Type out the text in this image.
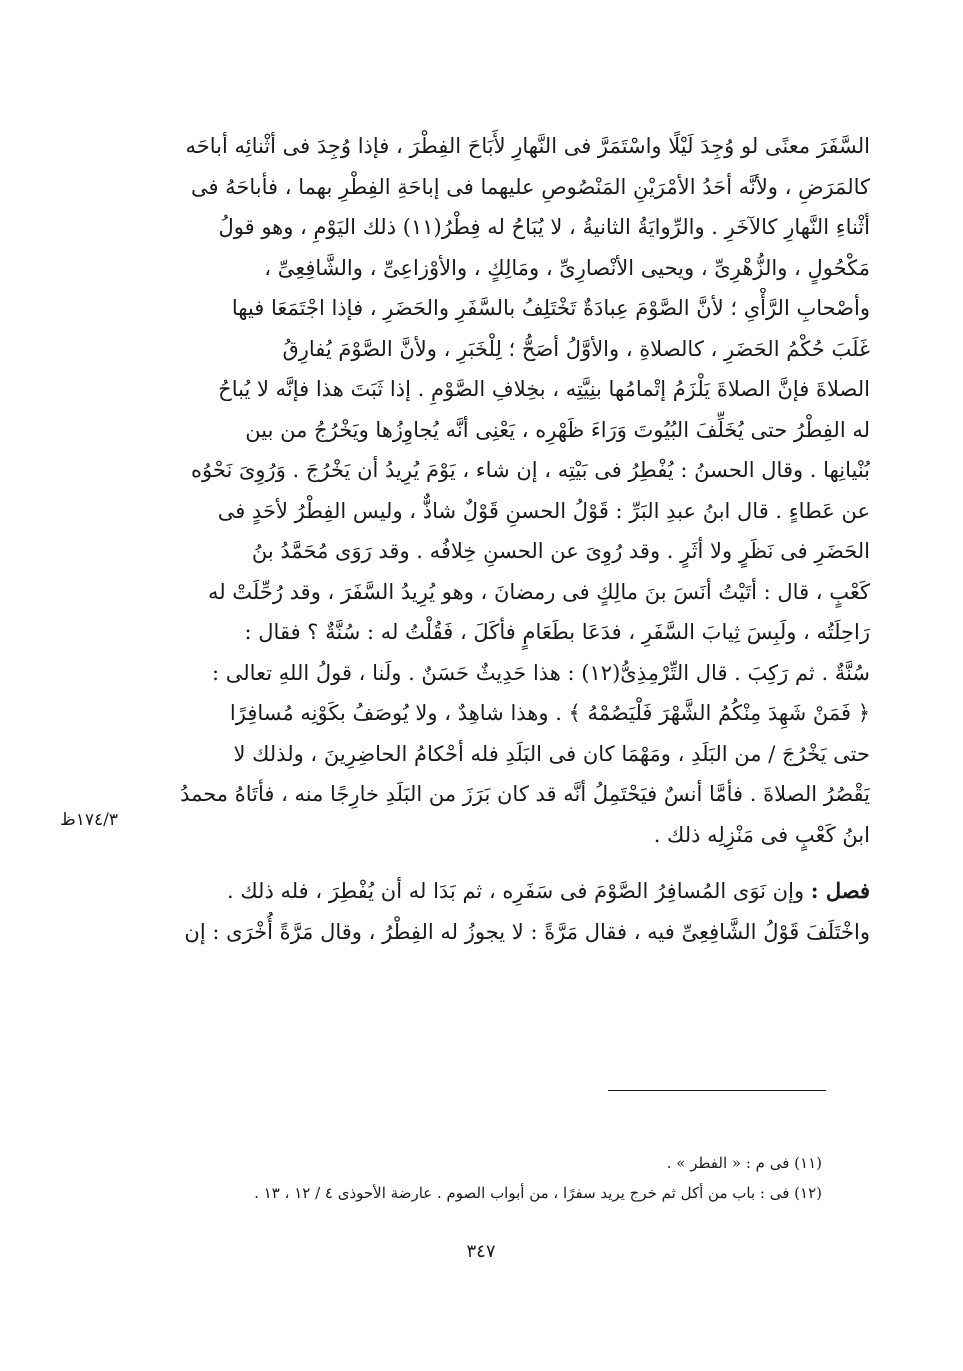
السَّفَرَ معنًى لو وُجِدَ لَيْلًا واسْتَمَرَّ فى النَّهارِ لأَبَاحَ الفِطْرَ ، فإذا وُجِدَ فى أثْنائِه أباحَه
كالمَرَضِ ، ولأنَّه أحَدُ الأمْرَيْنِ المَنْصُوصِ عليهما فى إباحَةِ الفِطْرِ بهما ، فأباحَهُ فى
أثْناءِ النَّهارِ كالآخَرِ . والرِّوايَةُ الثانيةُ ، لا يُبَاحُ له فِطْرُ(١١) ذلك اليَوْمِ ، وهو قولُ
مَكْحُولٍ ، والزُّهْرِىِّ ، ويحيى الأنْصارِىِّ ، ومَالِكٍ ، والأوْزاعِىِّ ، والشَّافِعِىِّ ،
وأصْحابِ الرَّأْىِ ؛ لأنَّ الصَّوْمَ عِبادَةٌ تَخْتَلِفُ بالسَّفَرِ والحَضَرِ ، فإذا اجْتَمَعَا فيها
غَلَبَ حُكْمُ الحَضَرِ ، كالصلاةِ ، والأوَّلُ أصَحُّ ؛ لِلْخَبَرِ ، ولأنَّ الصَّوْمَ يُفارِقُ
الصلاةَ فإنَّ الصلاةَ يَلْزَمُ إتْمامُها بنِيَّتِه ، بخِلافِ الصَّوْمِ . إذا ثَبَتَ هذا فإنَّه لا يُباحُ
له الفِطْرُ حتى يُخَلِّفَ البُيُوتَ وَرَاءَ ظَهْرِه ، يَعْنِى أنَّه يُجاوِزُها ويَخْرُجُ من بين
بُنْيانِها . وقال الحسنُ : يُفْطِرُ فى بَيْتِه ، إن شاء ، يَوْمَ يُرِيدُ أن يَخْرُجَ . وَرُوِىَ نَحْوُه
عن عَطاءٍ . قال ابنُ عبدِ البَرِّ : قَوْلُ الحسنِ قَوْلٌ شاذٌّ ، وليس الفِطْرُ لأحَدٍ فى
الحَضَرِ فى نَظَرٍ ولا أثَرٍ . وقد رُوِىَ عن الحسنِ خِلافُه . وقد رَوَى مُحَمَّدُ بنُ
كَعْبٍ ، قال : أتَيْتُ أنَسَ بنَ مالِكٍ فى رمضانَ ، وهو يُرِيدُ السَّفَرَ ، وقد رُحِّلَتْ له
رَاحِلَتُه ، ولَبِسَ ثِيابَ السَّفَرِ ، فدَعَا بطَعَامٍ فأكَلَ ، فَقُلْتُ له : سُنَّةٌ ؟ فقال :
سُنَّةٌ . ثم رَكِبَ . قال التِّرْمِذِىُّ(١٢) : هذا حَدِيثٌ حَسَنٌ . ولَنا ، قولُ اللهِ تعالى :
﴿ فَمَنْ شَهِدَ مِنْكُمُ الشَّهْرَ فَلْيَصُمْهُ ﴾ . وهذا شاهِدٌ ، ولا يُوصَفُ بكَوْنِه مُسافِرًا
حتى يَخْرُجَ / من البَلَدِ ، ومَهْمَا كان فى البَلَدِ فله أحْكامُ الحاضِرِينَ ، ولذلك لا
يَقْصُرُ الصلاةَ . فأمَّا أنسٌ فيَحْتَمِلُ أنَّه قد كان بَرَزَ من البَلَدِ خارِجًا منه ، فأتَاهُ محمدُ
ابنُ كَعْبٍ فى مَنْزِلِه ذلك .
فصل : وإن نَوَى المُسافِرُ الصَّوْمَ فى سَفَرِه ، ثم بَدَا له أن يُفْطِرَ ، فله ذلك .
واخْتَلَفَ قَوْلُ الشَّافِعِىِّ فيه ، فقال مَرَّةً : لا يجوزُ له الفِطْرُ ، وقال مَرَّةً أُخْرَى : إن
١٧٤/٣ظ
(١١) فى م : « الفطر » .
(١٢) فى : باب من أكل ثم خرج يريد سفرًا ، من أبواب الصوم . عارضة الأحوذى ٤ / ١٢ ، ١٣ .
٣٤٧
